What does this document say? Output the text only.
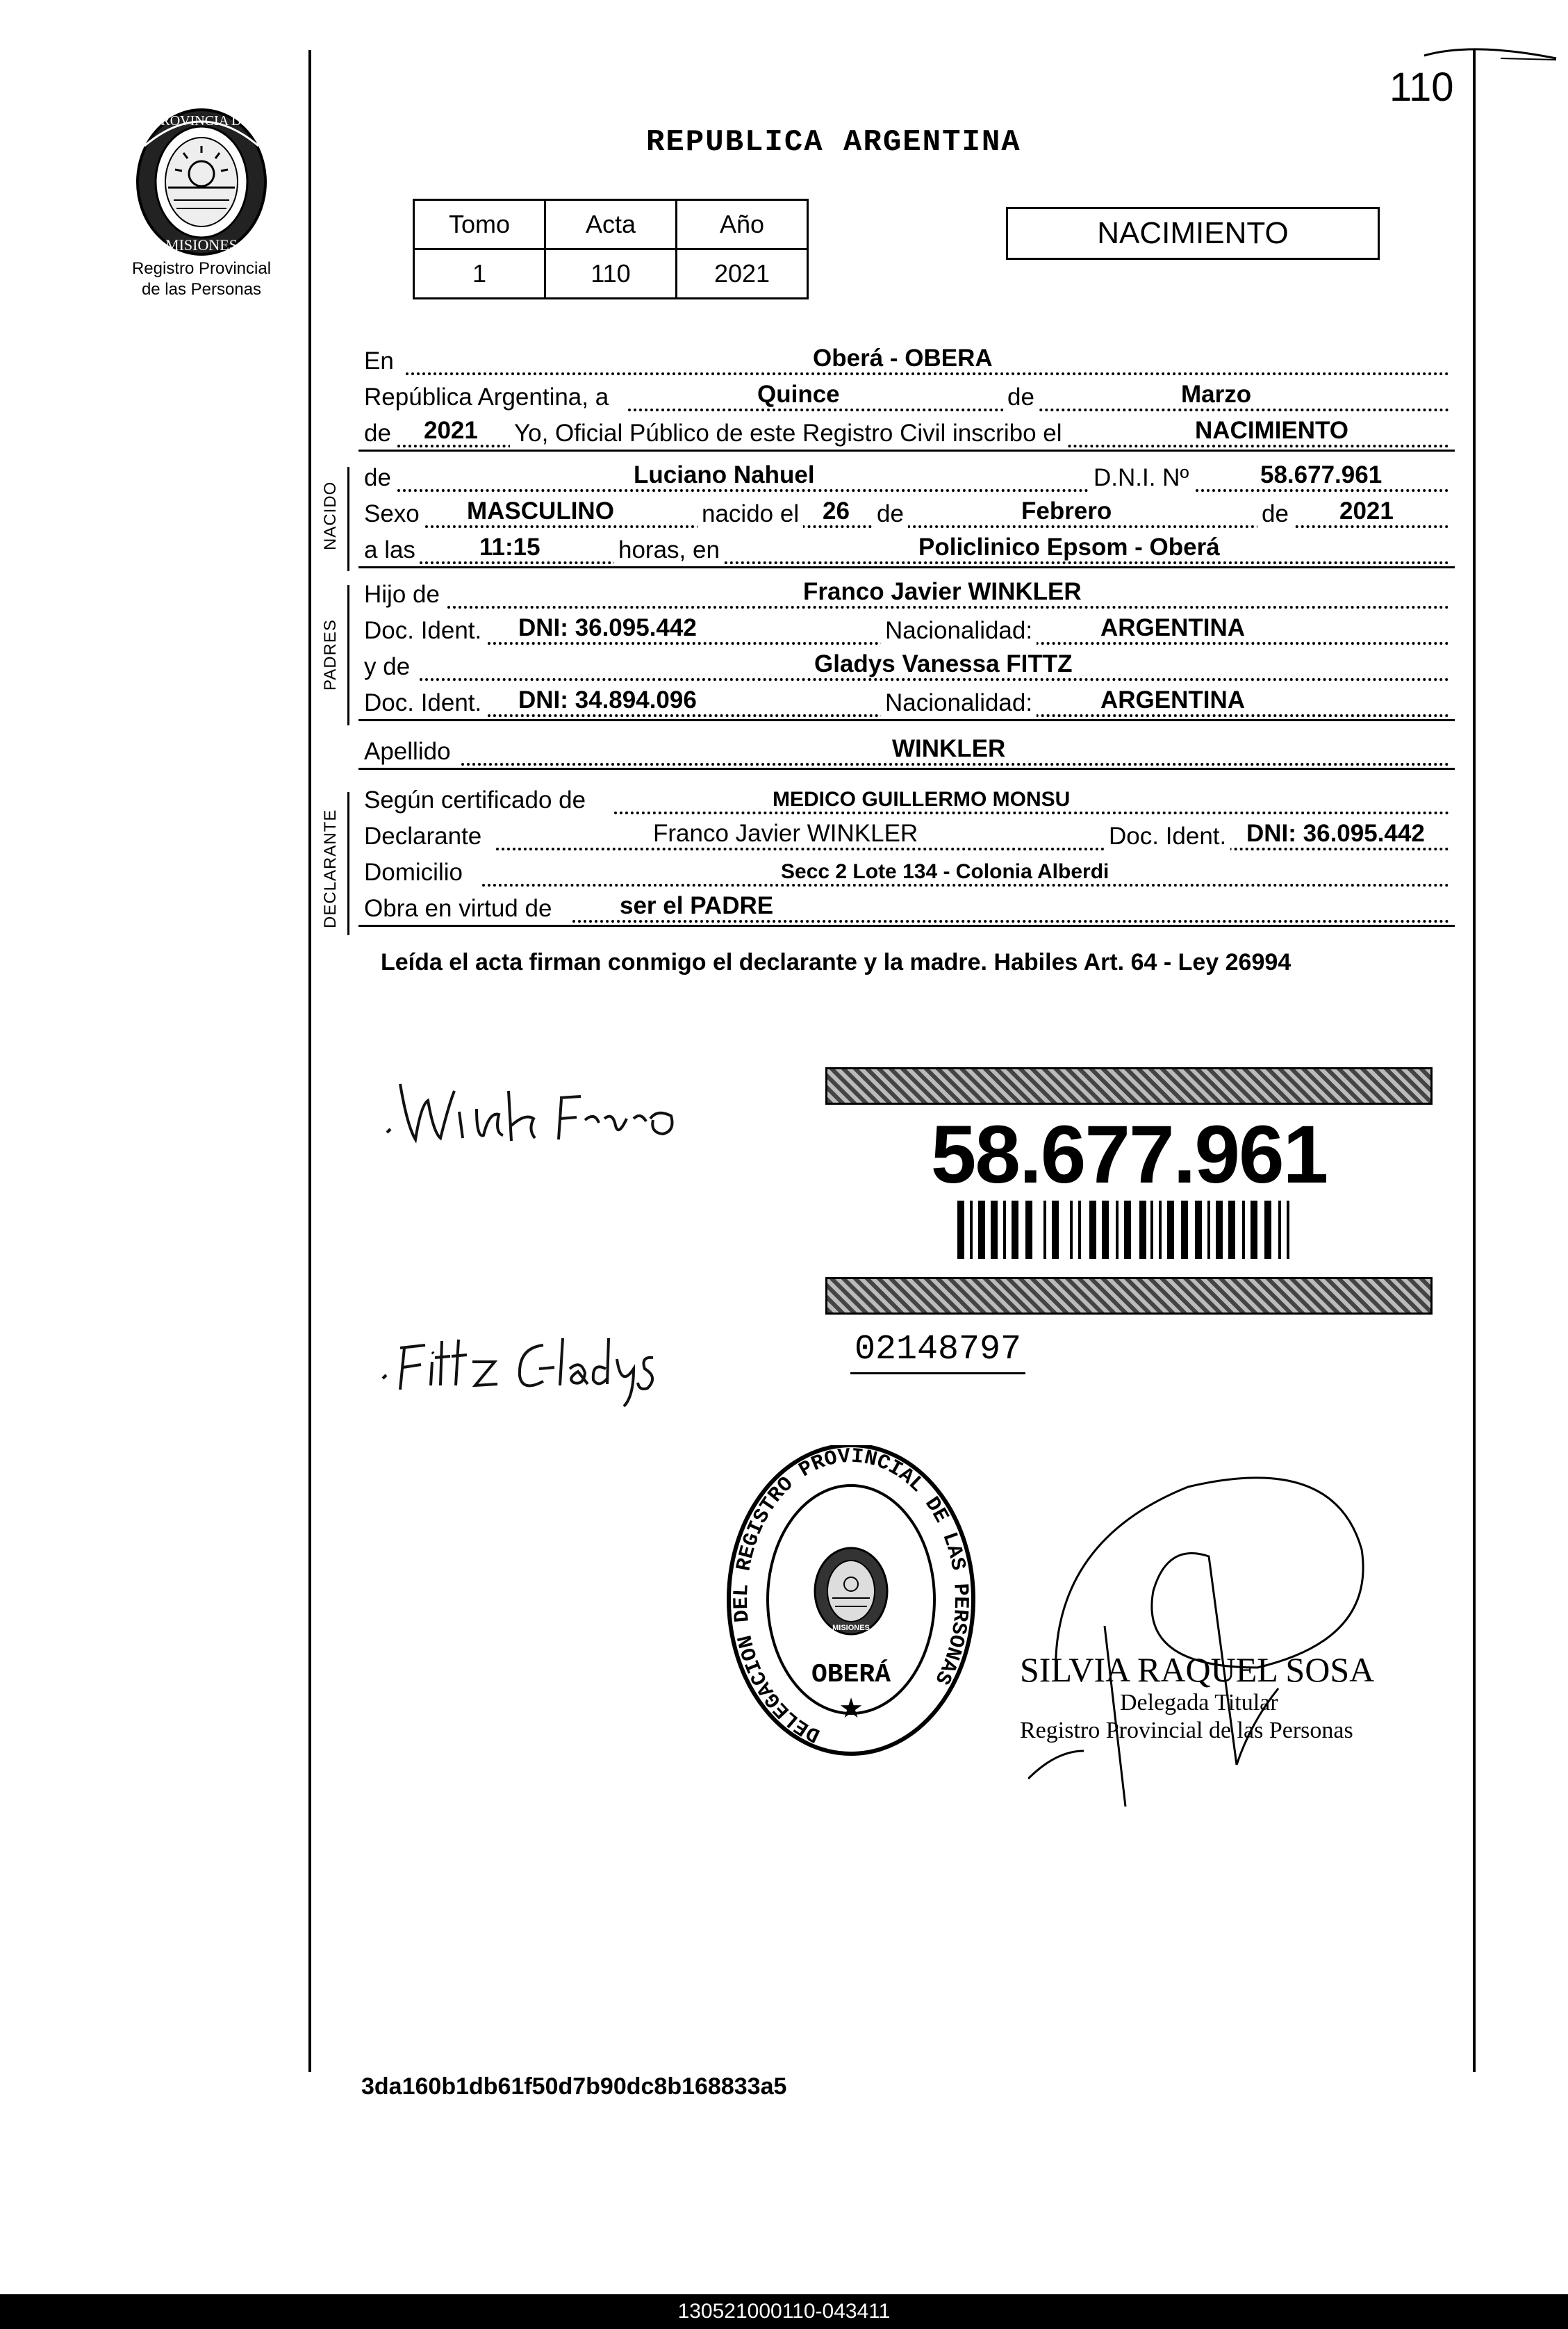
110
PROVINCIA DE
MISIONES
Registro Provincial
de las Personas
REPUBLICA ARGENTINA
Tomo	Acta	Año
1	110	2021
NACIMIENTO
En	Oberá - OBERA
República Argentina, a	Quince	de	Marzo
de 2021 Yo, Oficial Público de este Registro Civil inscribo el	NACIMIENTO
NACIDO
de	Luciano Nahuel	D.N.I. Nº	58.677.961
Sexo MASCULINO	nacido el 26 de	Febrero	de 2021
a las	11:15	horas, en	Policlinico Epsom - Oberá
PADRES
Hijo de	Franco Javier WINKLER
Doc. Ident. DNI: 36.095.442	Nacionalidad:	ARGENTINA
y de	Gladys Vanessa FITTZ
Doc. Ident. DNI: 34.894.096	Nacionalidad:	ARGENTINA
Apellido	WINKLER
DECLARANTE
Según certificado de	MEDICO GUILLERMO MONSU
Declarante	Franco Javier WINKLER	Doc. Ident. DNI: 36.095.442
Domicilio	Secc 2 Lote 134 - Colonia Alberdi
Obra en virtud de	ser el PADRE
Leída el acta firman conmigo el declarante y la madre. Habiles Art. 64 - Ley 26994
58.677.961
02148797
DELEGACION DEL REGISTRO PROVINCIAL DE LAS PERSONAS
MISIONES
OBERÁ
★
SILVIA RAQUEL SOSA
Delegada Titular
Registro Provincial de las Personas
3da160b1db61f50d7b90dc8b168833a5
130521000110-043411
